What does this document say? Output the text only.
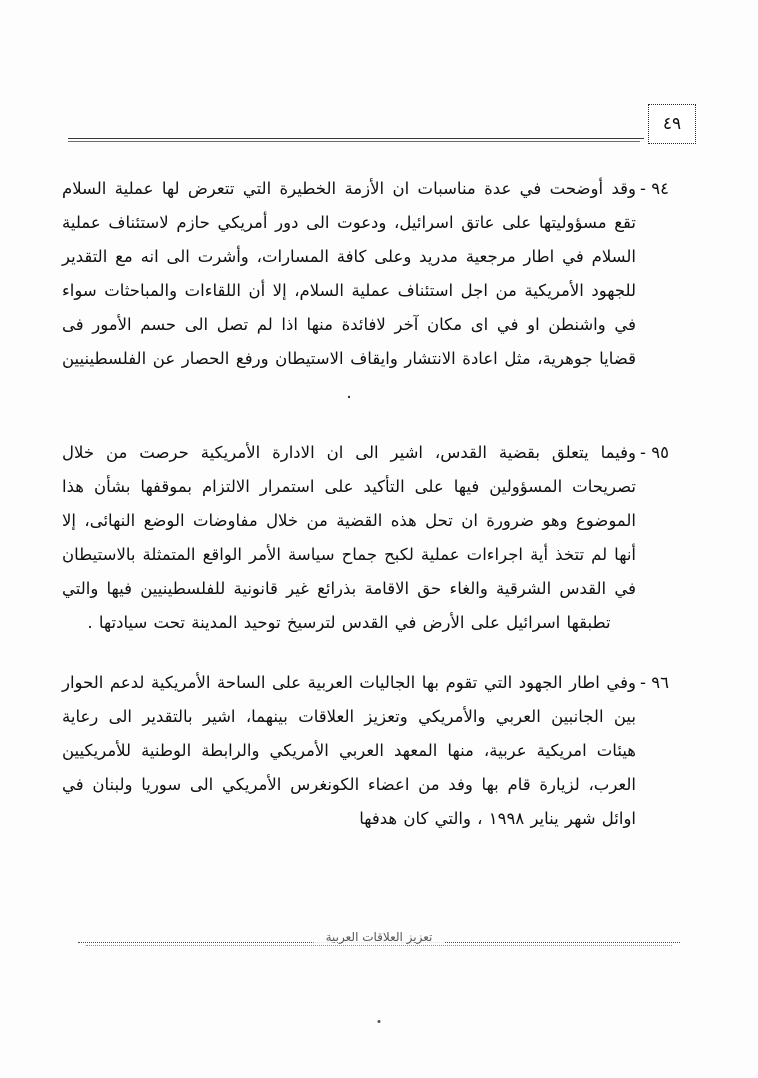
٤٩
٩٤ -
وقد أوضحت في عدة مناسبات ان الأزمة الخطيرة التي تتعرض لها عملية السلام تقع مسؤوليتها على عاتق اسرائيل، ودعوت الى دور أمريكي حازم لاستئناف عملية السلام في اطار مرجعية مدريد وعلى كافة المسارات، وأشرت الى انه مع التقدير للجهود الأمريكية من اجل استئناف عملية السلام، إلا أن اللقاءات والمباحثات سواء في واشنطن او في اى مكان آخر لافائدة منها اذا لم تصل الى حسم الأمور فى قضايا جوهرية، مثل اعادة الانتشار وايقاف الاستيطان ورفع الحصار عن الفلسطينيين .
٩٥ -
وفيما يتعلق بقضية القدس، اشير الى ان الادارة الأمريكية حرصت من خلال تصريحات المسؤولين فيها على التأكيد على استمرار الالتزام بموقفها بشأن هذا الموضوع وهو ضرورة ان تحل هذه القضية من خلال مفاوضات الوضع النهائى، إلا أنها لم تتخذ أية اجراءات عملية لكبح جماح سياسة الأمر الواقع المتمثلة بالاستيطان في القدس الشرقية والغاء حق الاقامة بذرائع غير قانونية للفلسطينيين فيها والتي تطبقها اسرائيل على الأرض في القدس لترسيخ توحيد المدينة تحت سيادتها .
٩٦ -
وفي اطار الجهود التي تقوم بها الجاليات العربية على الساحة الأمريكية لدعم الحوار بين الجانبين العربي والأمريكي وتعزيز العلاقات بينهما، اشير بالتقدير الى رعاية هيئات امريكية عربية، منها المعهد العربي الأمريكي والرابطة الوطنية للأمريكيين العرب، لزيارة قام بها وفد من اعضاء الكونغرس الأمريكي الى سوريا ولبنان في اوائل شهر يناير ١٩٩٨ ، والتي كان هدفها
تعزيز العلاقات العربية
